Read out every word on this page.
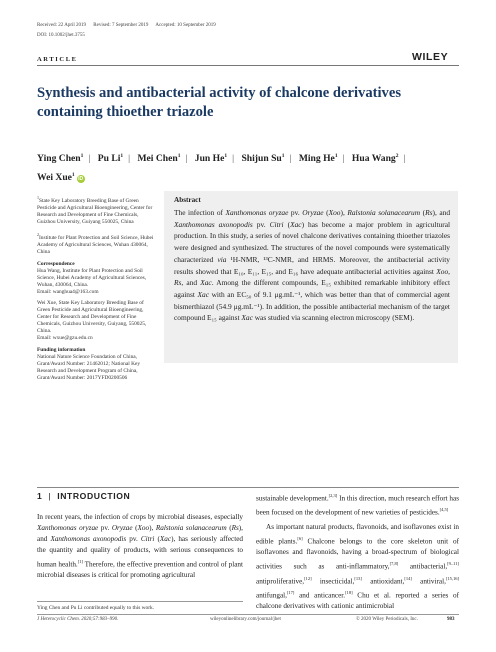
Received: 22 April 2019 Revised: 7 September 2019 Accepted: 10 September 2019
DOI: 10.1002/jhet.3755
ARTICLE	WILEY
Synthesis and antibacterial activity of chalcone derivatives containing thioether triazole
Ying Chen$^1$ | Pu Li$^1$ | Mei Chen$^1$ | Jun He$^1$ | Shijun Su$^1$ | Ming He$^1$ | Hua Wang$^2$ |
Wei Xue$^1$iD
$^1$State Key Laboratory Breeding Base of Green Pesticide and Agricultural Bioengineering, Center for Research and Development of Fine Chemicals, Guizhou University, Guiyang 550025, China
$^2$Institute for Plant Protection and Soil Science, Hubei Academy of Agricultural Sciences, Wuhan 430064, China
Correspondence
Hua Wang, Institute for Plant Protection and Soil Science, Hubei Academy of Agricultural Sciences, Wuhan, 430064, China.
Email: wanghua4@163.com
Wei Xue, State Key Laboratory Breeding Base of Green Pesticide and Agricultural Bioengineering, Center for Research and Development of Fine Chemicals, Guizhou University, Guiyang, 550025, China.
Email: wxue@gzu.edu.cn
Funding information
National Nature Science Foundation of China, Grant/Award Number: 21462012; National Key Research and Development Program of China, Grant/Award Number: 2017YFD0200506
Abstract
The infection of Xanthomonas oryzae pv. Oryzae (Xoo), Ralstonia solanacearum (Rs), and Xanthomonas axonopodis pv. Citri (Xac) has become a major problem in agricultural production. In this study, a series of novel chalcone derivatives containing thioether triazoles were designed and synthesized. The structures of the novel compounds were systematically characterized via ¹H-NMR, ¹³C-NMR, and HRMS. Moreover, the antibacterial activity results showed that E₁₀, E₁₁, E₁₅, and E₁₆ have adequate antibacterial activities against Xoo, Rs, and Xac. Among the different compounds, E₁₅ exhibited remarkable inhibitory effect against Xac with an EC₅₀ of 9.1 μg.mL⁻¹, which was better than that of commercial agent bismerthiazol (54.9 μg.mL⁻¹). In addition, the possible antibacterial mechanism of the target compound E₁₅ against Xac was studied via scanning electron microscopy (SEM).
1 | INTRODUCTION

In recent years, the infection of crops by microbial diseases, especially Xanthomonas oryzae pv. Oryzae (Xoo), Ralstonia solanacearum (Rs), and Xanthomonas axonopodis pv. Citri (Xac), has seriously affected the quantity and quality of products, with serious consequences to human health.[1] Therefore, the effective prevention and control of plant microbial diseases is critical for promoting agricultural

sustainable development.[2,3] In this direction, much research effort has been focused on the development of new varieties of pesticides.[4,5]

As important natural products, flavonoids, and isoflavones exist in edible plants.[6] Chalcone belongs to the core skeleton unit of isoflavones and flavonoids, having a broad-spectrum of biological activities such as anti-inflammatory,[7,8] antibacterial,[9–11] antiproliferative,[12] insecticidal,[13] antioxidant,[14] antiviral,[15,16] antifungal,[17] and anticancer.[18] Chu et al. reported a series of chalcone derivatives with cationic antimicrobial

Ying Chen and Pu Li contributed equally to this work.
J Heterocyclic Chem. 2020;57:983–990.	wileyonlinelibrary.com/journal/jhet	© 2020 Wiley Periodicals, Inc.	983
